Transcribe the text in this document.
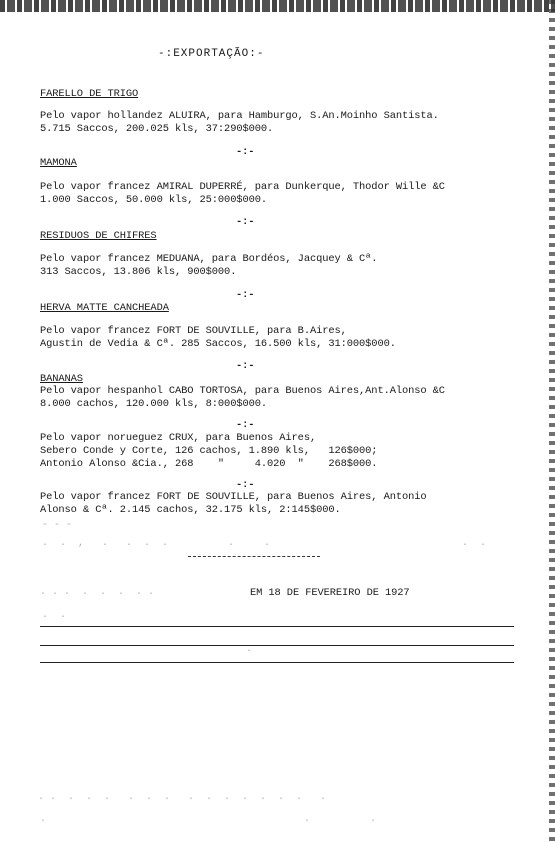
-:EXPORTAÇÃO:-
FARELLO DE TRIGO
Pelo vapor hollandez ALUIRA, para Hamburgo, S.An.Moinho Santista.
5.715 Saccos, 200.025 kls, 37:290$000.
-:-
MAMONA
Pelo vapor francez AMIRAL DUPERRÉ, para Dunkerque, Thodor Wille &C
1.000 Saccos, 50.000 kls, 25:000$000.
-:-
RESIDUOS DE CHIFRES
Pelo vapor francez MEDUANA, para Bordéos, Jacquey & Cª.
313 Saccos, 13.806 kls, 900$000.
-:-
HERVA MATTE CANCHEADA
Pelo vapor francez FORT DE SOUVILLE, para B.Aires,
Agustin de Vedia & Cª. 285 Saccos, 16.500 kls, 31:000$000.
-:-
BANANAS
Pelo vapor hespanhol CABO TORTOSA, para Buenos Aires,Ant.Alonso &C
8.000 cachos, 120.000 kls, 8:000$000.
-:-
Pelo vapor norueguez CRUX, para Buenos Aires,
Sebero Conde y Corte, 126 cachos, 1.890 kls,   126$000;
Antonio Alonso &Cia., 268    "     4.020  "    268$000.
-:-
Pelo vapor francez FORT DE SOUVILLE, para Buenos Aires, Antonio
Alonso & Cª. 2.145 cachos, 32.175 kls, 2:145$000.
- - -
.  .  ,   .   .  .  .          .     .	.  .
. . .  .  .  .  . .	EM 18 DE FEVEREIRO DE 1927
.  .
.
. .  .  .  .   .  .  .   .  .  .  .  .  .  .   .
.                                           .          .
